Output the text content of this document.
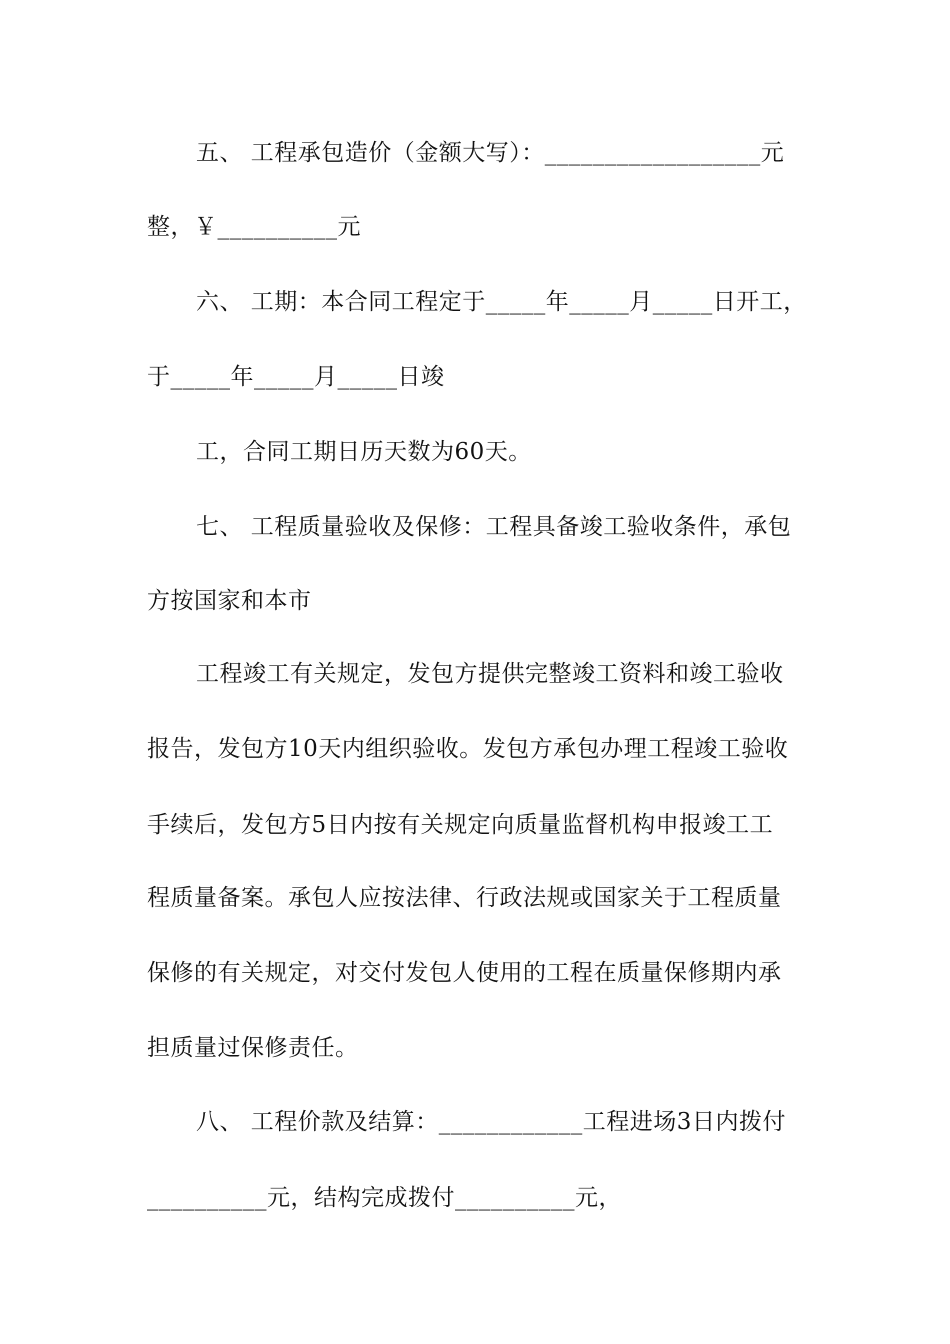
五、 工程承包造价（金额大写）：__________________元
整，￥__________元
六、 工期：本合同工程定于_____年_____月_____日开工，
于_____年_____月_____日竣
工，合同工期日历天数为60天。
七、 工程质量验收及保修：工程具备竣工验收条件，承包
方按国家和本市
工程竣工有关规定，发包方提供完整竣工资料和竣工验收
报告，发包方10天内组织验收。发包方承包办理工程竣工验收
手续后，发包方5日内按有关规定向质量监督机构申报竣工工
程质量备案。承包人应按法律、行政法规或国家关于工程质量
保修的有关规定，对交付发包人使用的工程在质量保修期内承
担质量过保修责任。
八、 工程价款及结算：____________工程进场3日内拨付
__________元，结构完成拨付__________元，
